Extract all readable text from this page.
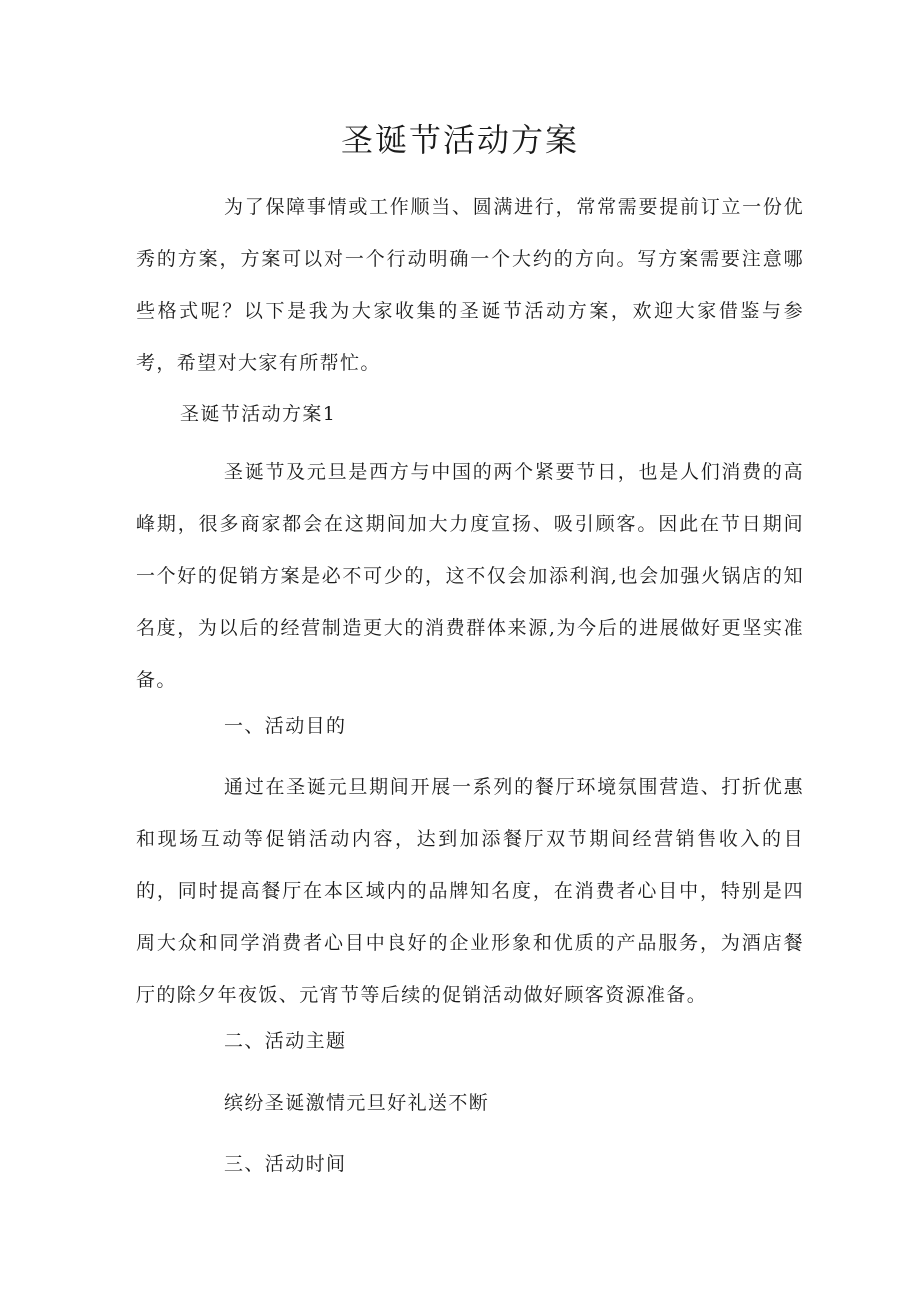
圣诞节活动方案

为了保障事情或工作顺当、圆满进行，常常需要提前订立一份优秀的方案，方案可以对一个行动明确一个大约的方向。写方案需要注意哪些格式呢？以下是我为大家收集的圣诞节活动方案，欢迎大家借鉴与参考，希望对大家有所帮忙。

圣诞节活动方案1

圣诞节及元旦是西方与中国的两个紧要节日，也是人们消费的高峰期，很多商家都会在这期间加大力度宣扬、吸引顾客。因此在节日期间一个好的促销方案是必不可少的，这不仅会加添利润,也会加强火锅店的知名度，为以后的经营制造更大的消费群体来源,为今后的进展做好更坚实准备。

一、活动目的

通过在圣诞元旦期间开展一系列的餐厅环境氛围营造、打折优惠和现场互动等促销活动内容，达到加添餐厅双节期间经营销售收入的目的，同时提高餐厅在本区域内的品牌知名度，在消费者心目中，特别是四周大众和同学消费者心目中良好的企业形象和优质的产品服务，为酒店餐厅的除夕年夜饭、元宵节等后续的促销活动做好顾客资源准备。

二、活动主题

缤纷圣诞激情元旦好礼送不断

三、活动时间
